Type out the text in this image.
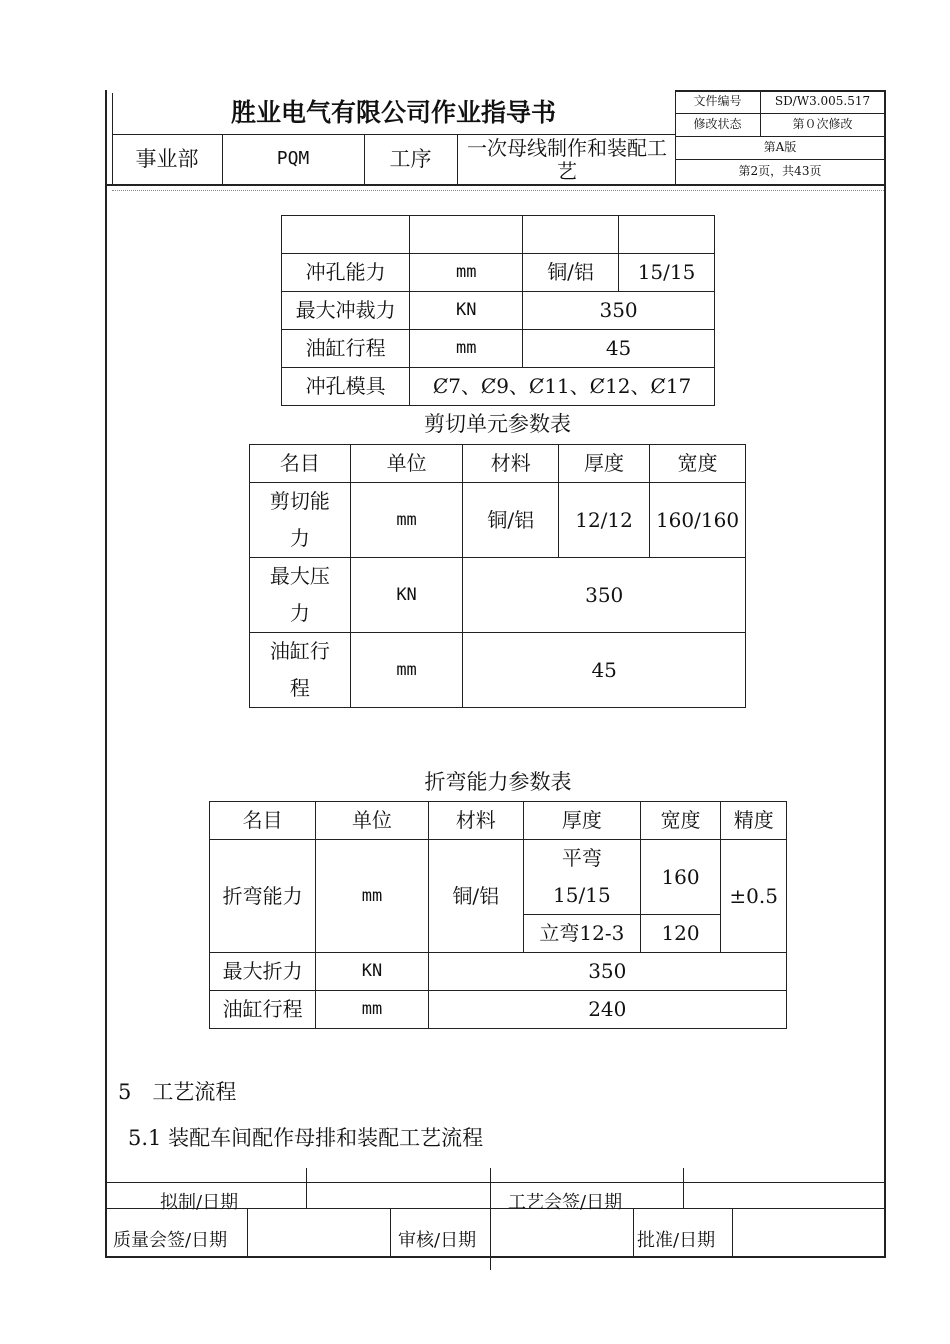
胜业电气有限公司作业指导书	文件编号	SD/W3.005.517
修改状态	第０次修改
第A版
第2页，共43页
事业部	PQM	工序	一次母线制作和装配工艺

冲孔能力	mm	铜/铝	15/15
最大冲裁力	KN	350	
油缸行程	mm	45	
冲孔模具	Ȼ7、Ȼ9、Ȼ11、Ȼ12、Ȼ17		
剪切单元参数表
名目	单位	材料	厚度	宽度
剪切能力	mm	铜/铝	12/12	160/160
最大压力	KN	350		
油缸行程	mm	45		
折弯能力参数表
名目	单位	材料	厚度	宽度	精度
折弯能力	mm	铜/铝	平弯15/15	160	±0.5
			立弯12-3	120	
最大折力	KN	350			
油缸行程	mm	240			
5　工艺流程
5.1 装配车间配作母排和装配工艺流程
拟制/日期	工艺会签/日期
质量会签/日期	审核/日期	批准/日期
